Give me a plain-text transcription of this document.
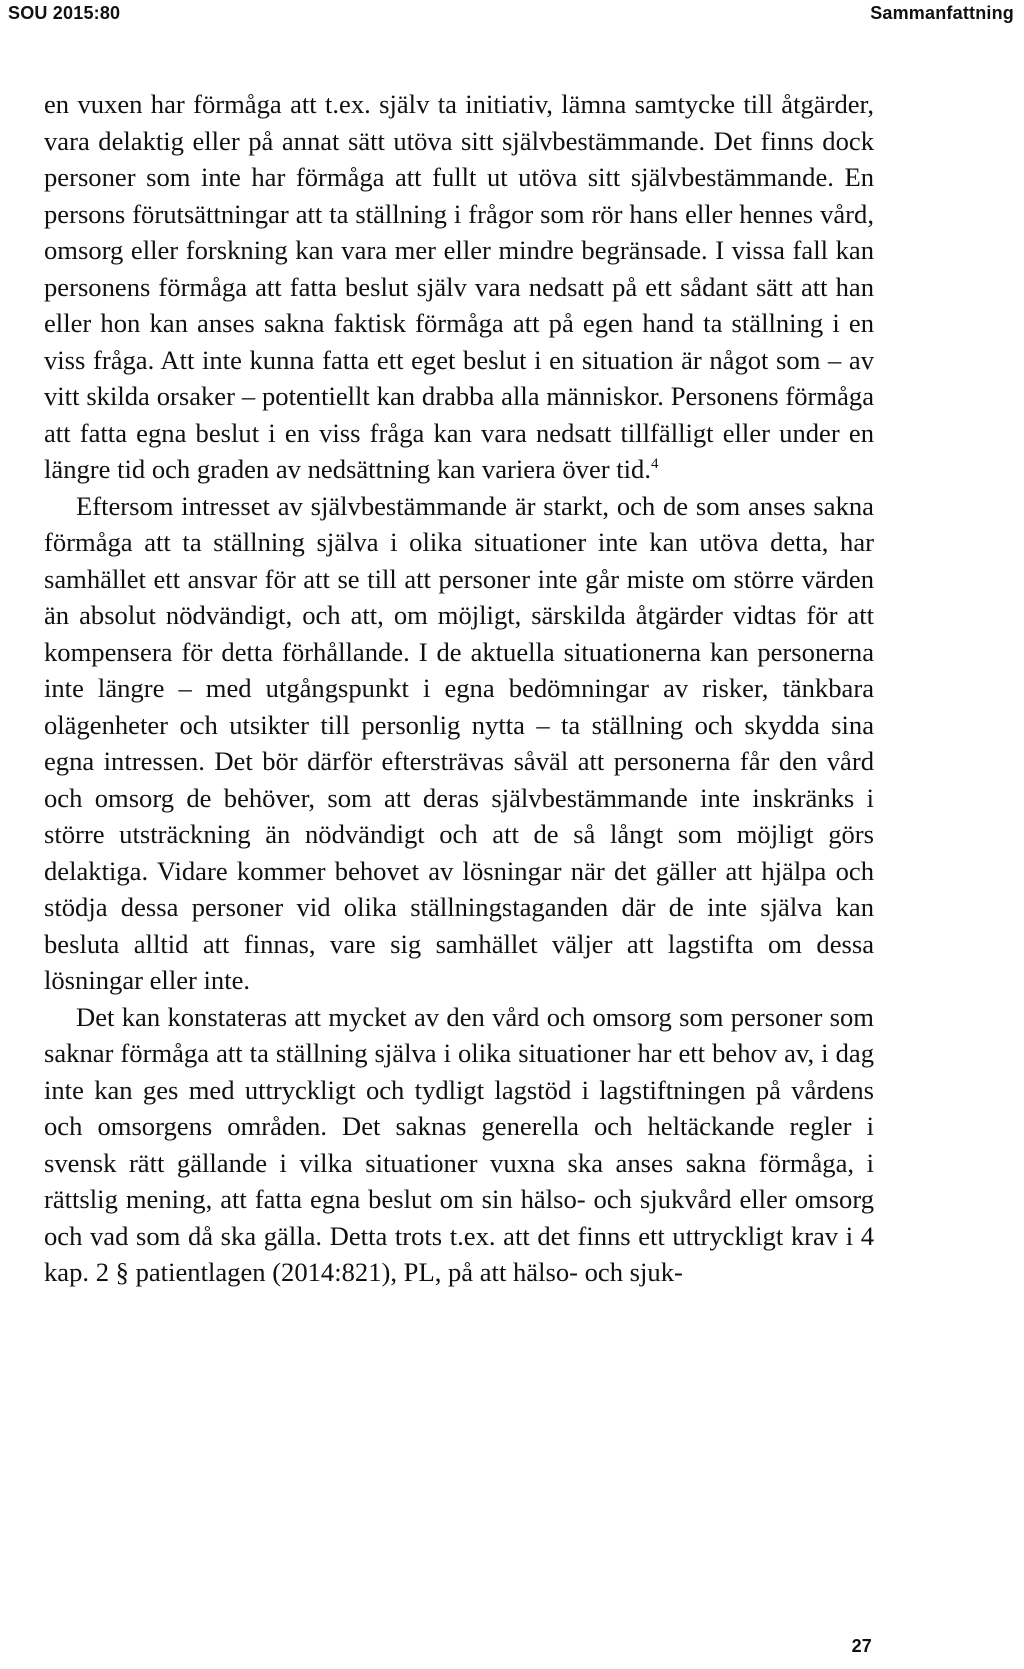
SOU 2015:80	Sammanfattning

en vuxen har förmåga att t.ex. själv ta initiativ, lämna samtycke till åtgärder, vara delaktig eller på annat sätt utöva sitt självbestämmande. Det finns dock personer som inte har förmåga att fullt ut utöva sitt självbestämmande. En persons förutsättningar att ta ställning i frågor som rör hans eller hennes vård, omsorg eller forskning kan vara mer eller mindre begränsade. I vissa fall kan personens förmåga att fatta beslut själv vara nedsatt på ett sådant sätt att han eller hon kan anses sakna faktisk förmåga att på egen hand ta ställning i en viss fråga. Att inte kunna fatta ett eget beslut i en situation är något som – av vitt skilda orsaker – potentiellt kan drabba alla människor. Personens förmåga att fatta egna beslut i en viss fråga kan vara nedsatt tillfälligt eller under en längre tid och graden av nedsättning kan variera över tid.$^4$

Eftersom intresset av självbestämmande är starkt, och de som anses sakna förmåga att ta ställning själva i olika situationer inte kan utöva detta, har samhället ett ansvar för att se till att personer inte går miste om större värden än absolut nödvändigt, och att, om möjligt, särskilda åtgärder vidtas för att kompensera för detta förhållande. I de aktuella situationerna kan personerna inte längre – med utgångspunkt i egna bedömningar av risker, tänkbara olägenheter och utsikter till personlig nytta – ta ställning och skydda sina egna intressen. Det bör därför eftersträvas såväl att personerna får den vård och omsorg de behöver, som att deras självbestämmande inte inskränks i större utsträckning än nödvändigt och att de så långt som möjligt görs delaktiga. Vidare kommer behovet av lösningar när det gäller att hjälpa och stödja dessa personer vid olika ställningstaganden där de inte själva kan besluta alltid att finnas, vare sig samhället väljer att lagstifta om dessa lösningar eller inte.

Det kan konstateras att mycket av den vård och omsorg som personer som saknar förmåga att ta ställning själva i olika situationer har ett behov av, i dag inte kan ges med uttryckligt och tydligt lagstöd i lagstiftningen på vårdens och omsorgens områden. Det saknas generella och heltäckande regler i svensk rätt gällande i vilka situationer vuxna ska anses sakna förmåga, i rättslig mening, att fatta egna beslut om sin hälso- och sjukvård eller omsorg och vad som då ska gälla. Detta trots t.ex. att det finns ett uttryckligt krav i 4 kap. 2 § patientlagen (2014:821), PL, på att hälso- och sjuk-

27
